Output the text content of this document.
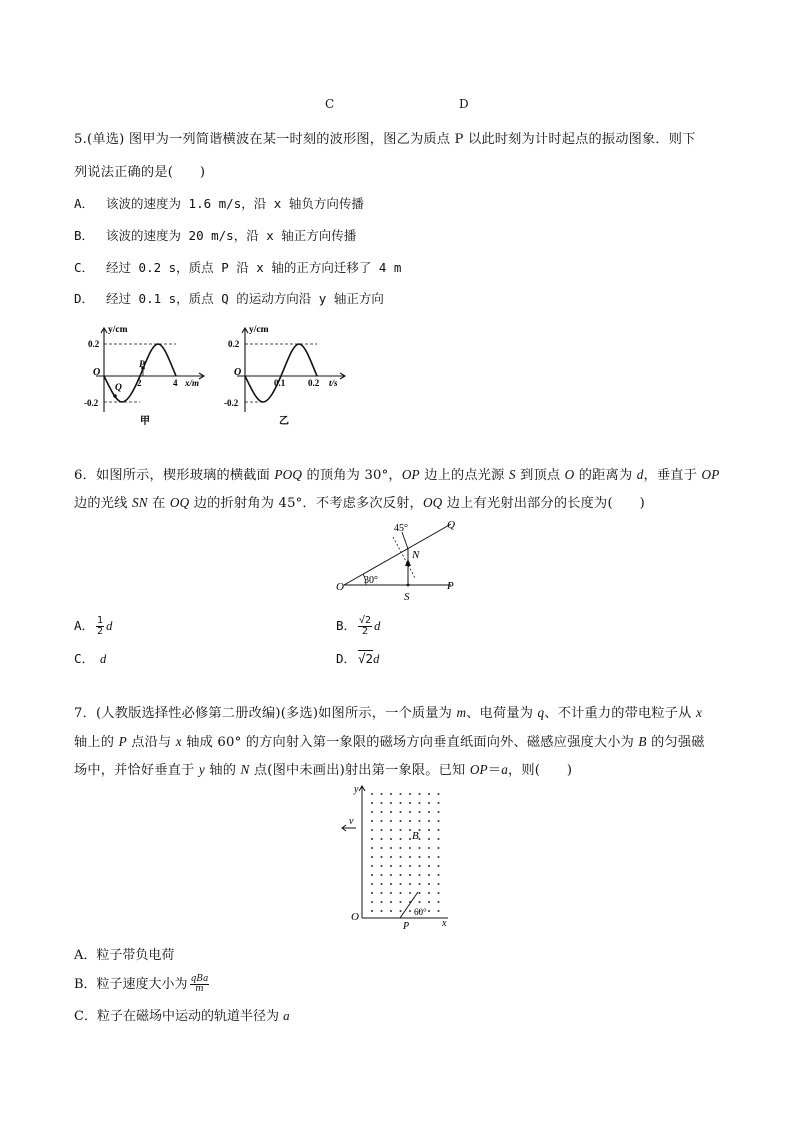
C	D
5.(单选) 图甲为一列简谐横波在某一时刻的波形图，图乙为质点 P 以此时刻为计时起点的振动图象．则下
列说法正确的是(　　)
A． 该波的速度为 1.6 m/s，沿 x 轴负方向传播
B． 该波的速度为 20 m/s，沿 x 轴正方向传播
C． 经过 0.2 s，质点 P 沿 x 轴的正方向迁移了 4 m
D． 经过 0.1 s，质点 Q 的运动方向沿 y 轴正方向
y/cm
0.2
-0.2
O
2	4 x/m
P
Q
甲
y/cm
0.2
-0.2
O
0.1	0.2 t/s
乙
6．如图所示，楔形玻璃的横截面 POQ 的顶角为 30°，OP 边上的点光源 S 到顶点 O 的距离为 d，垂直于 OP
边的光线 SN 在 OQ 边的折射角为 45°．不考虑多次反射，OQ 边上有光射出部分的长度为(　　)
45°
30°
O	P
Q
S
N
A． $\frac{1}{2}$ d	B． $\frac{√2}{2}$ d
C． d	D． √2d
7．(人教版选择性必修第二册改编)(多选)如图所示，一个质量为 m、电荷量为 q、不计重力的带电粒子从 x
轴上的 P 点沿与 x 轴成 60° 的方向射入第一象限的磁场方向垂直纸面向外、磁感应强度大小为 B 的匀强磁
场中，并恰好垂直于 y 轴的 N 点(图中未画出)射出第一象限。已知 OP＝a，则(　　)
y
v
B
O
P	x
60°
A．粒子带负电荷
B．粒子速度大小为 $\frac{\text{qBa}}{m}$
C．粒子在磁场中运动的轨道半径为 a
